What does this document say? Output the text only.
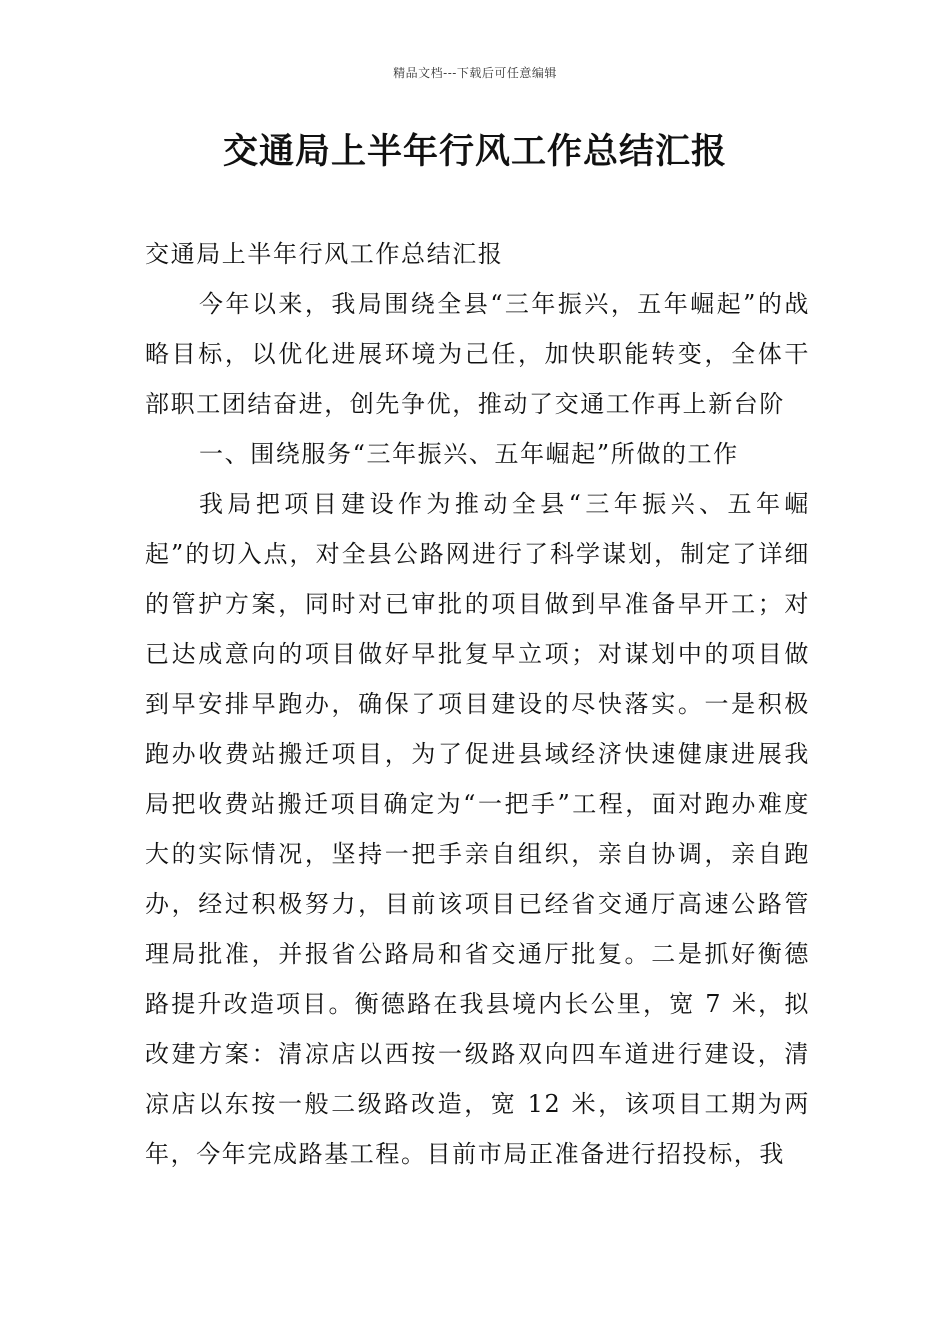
精品文档---下载后可任意编辑
交通局上半年行风工作总结汇报

交通局上半年行风工作总结汇报

今年以来，我局围绕全县“三年振兴，五年崛起”的战略目标，以优化进展环境为己任，加快职能转变，全体干部职工团结奋进，创先争优，推动了交通工作再上新台阶

一、围绕服务“三年振兴、五年崛起”所做的工作

我局把项目建设作为推动全县“三年振兴、五年崛起”的切入点，对全县公路网进行了科学谋划，制定了详细的管护方案，同时对已审批的项目做到早准备早开工；对已达成意向的项目做好早批复早立项；对谋划中的项目做到早安排早跑办，确保了项目建设的尽快落实。一是积极跑办收费站搬迁项目，为了促进县域经济快速健康进展我局把收费站搬迁项目确定为“一把手”工程，面对跑办难度大的实际情况，坚持一把手亲自组织，亲自协调，亲自跑办，经过积极努力，目前该项目已经省交通厅高速公路管理局批准，并报省公路局和省交通厅批复。二是抓好衡德路提升改造项目。衡德路在我县境内长公里，宽 7 米，拟改建方案：清凉店以西按一级路双向四车道进行建设，清凉店以东按一般二级路改造，宽 12 米，该项目工期为两年，今年完成路基工程。目前市局正准备进行招投标，我
